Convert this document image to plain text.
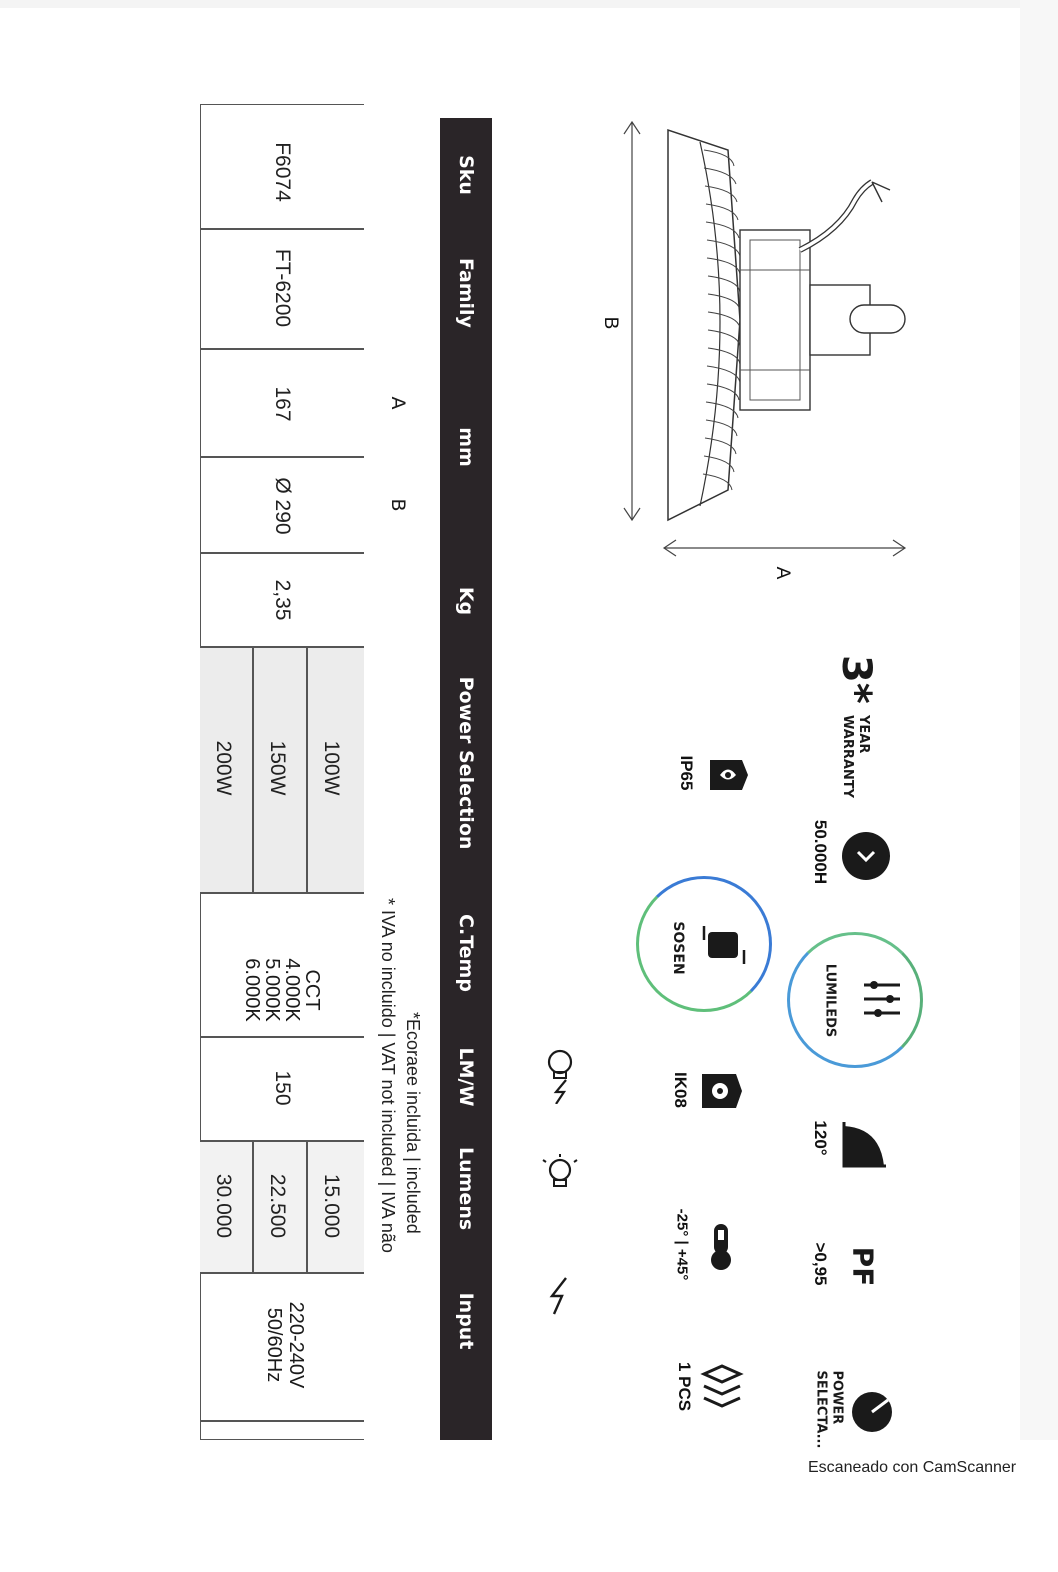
B
A
3*
YEAR
WARRANTY
IP65
50.000H
LUMILEDS
SOSEN
120°
IK08
-25° | +45°	PF
>0,95
1 PCS	POWER
SELECTA...
*Ecoraee incluida | included
* IVA no incluido | VAT not included | IVA não
Sku
Family
mm
Kg
Power Selection
C.Temp
LM/W
Lumens
Input
A
B
F6074
FT-6200
167
Ø 290
2,35
100W
150W
200W
CCT
4.000K
5.000K
6.000K
150
15.000
22.500
30.000
220-240V
50/60Hz
Escaneado con CamScanner
